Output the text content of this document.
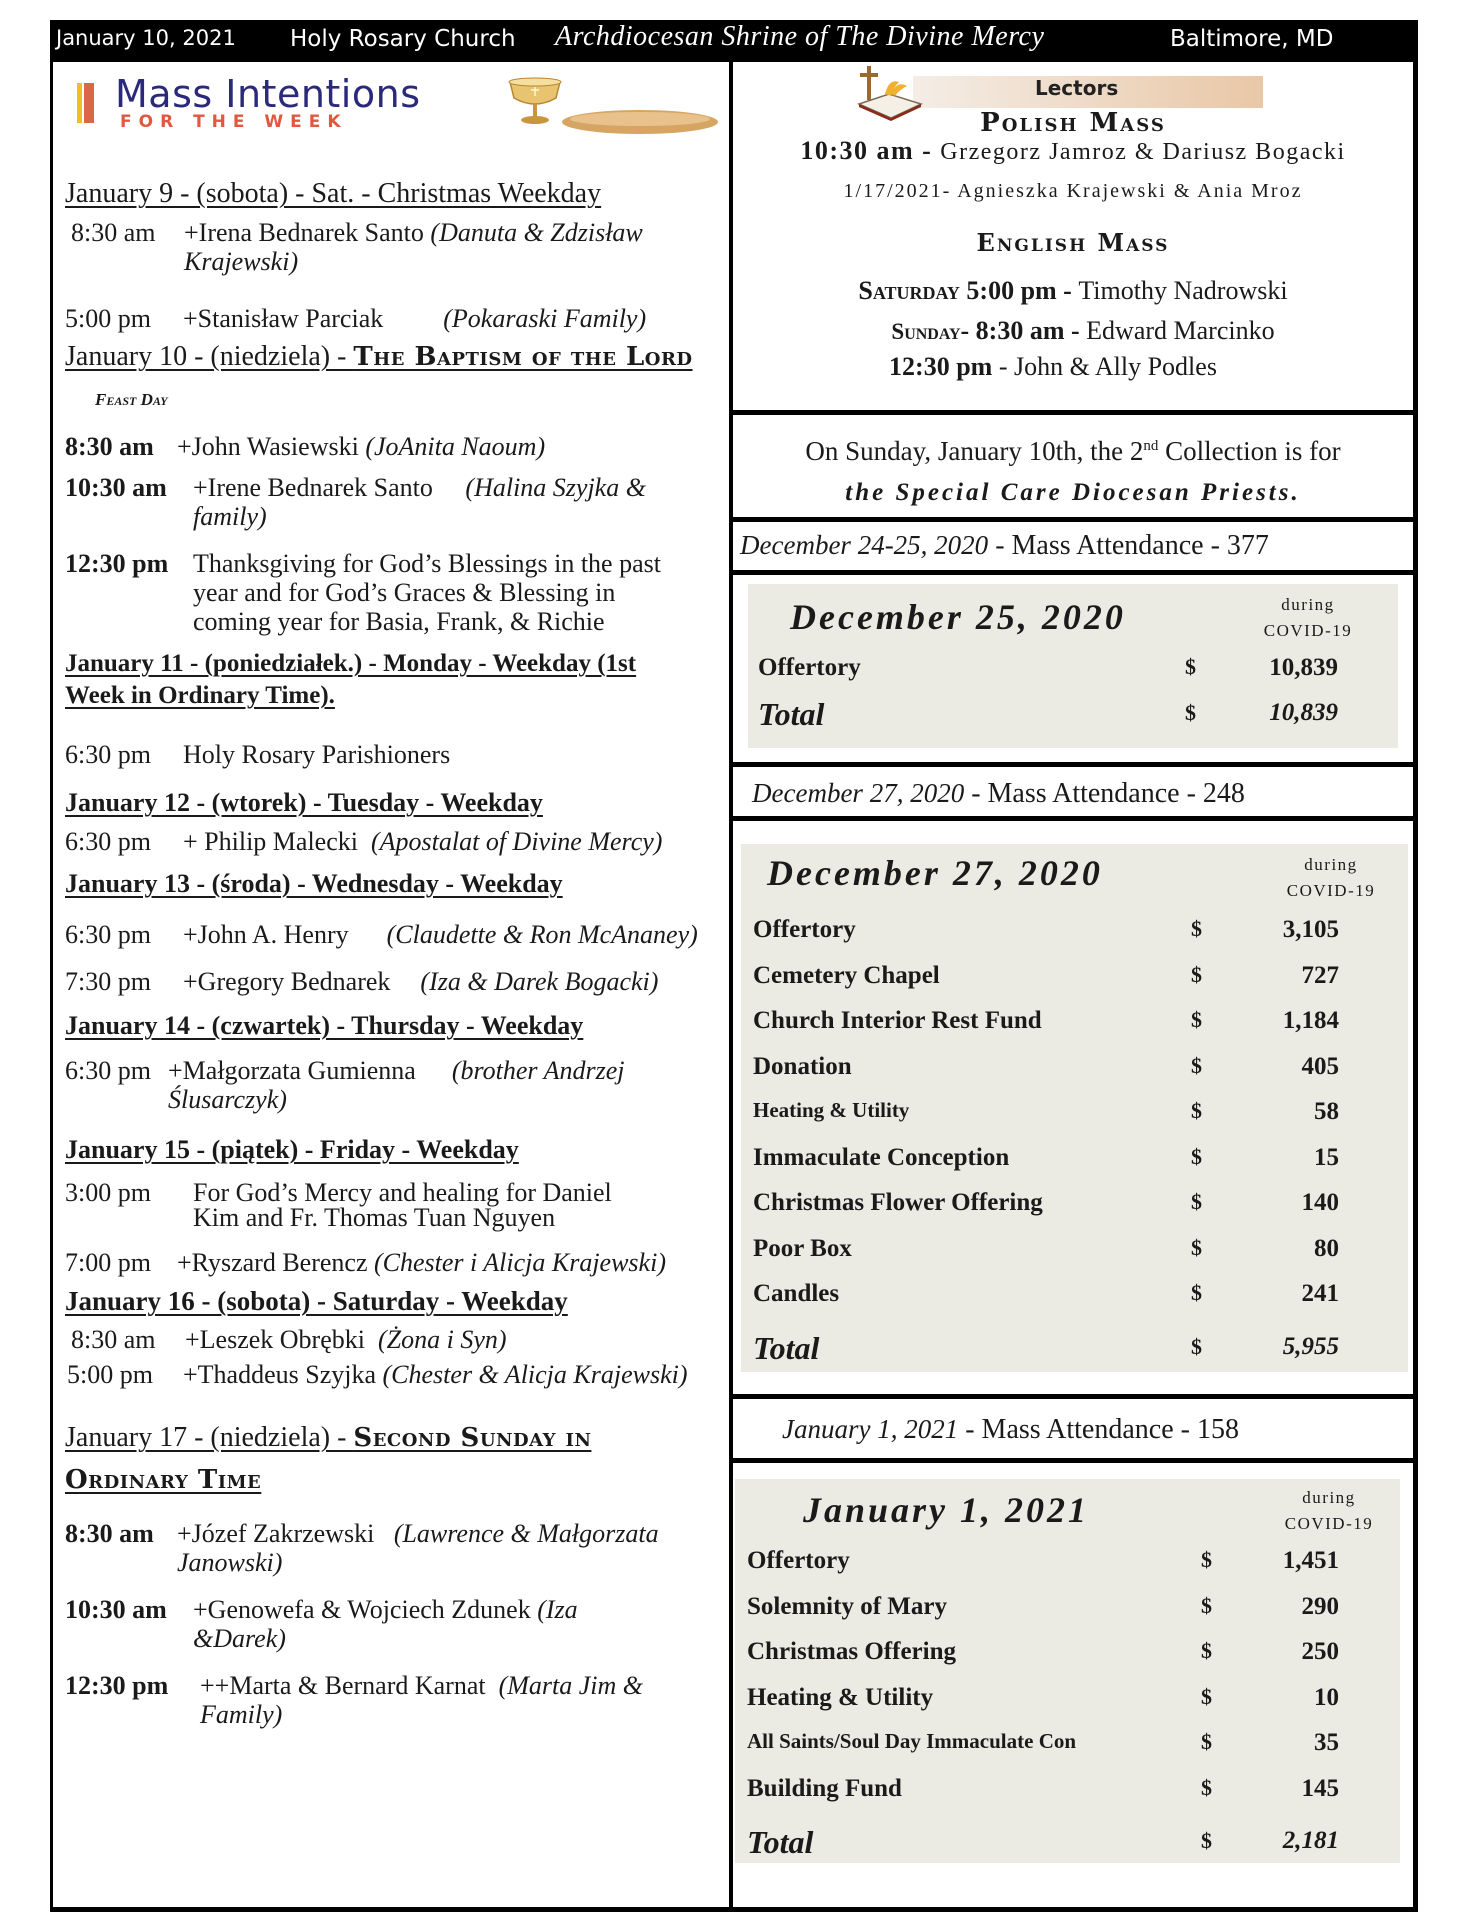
January 10, 2021 Holy Rosary Church Archdiocesan Shrine of The Divine Mercy	Baltimore, MD
Mass Intentions
FOR THE WEEK
January 9 - (sobota) - Sat. - Christmas Weekday
8:30 am	+Irena Bednarek Santo (Danuta & Zdzisław Krajewski)
5:00 pm	+Stanisław Parciak (Pokaraski Family)
January 10 - (niedziela) - The Baptism of the LordFeast Day
8:30 am +John Wasiewski (JoAnita Naoum)
10:30 am	+Irene Bednarek Santo (Halina Szyjka & family)
12:30 pm Thanksgiving for God’s Blessings in the past year and for God’s Graces & Blessing in coming year for Basia, Frank, & Richie
January 11 - (poniedziałek.) - Monday - Weekday (1st Week in Ordinary Time).
6:30 pm	Holy Rosary Parishioners
January 12 - (wtorek) - Tuesday - Weekday
6:30 pm	+ Philip Malecki (Apostalat of Divine Mercy)
January 13 - (środa) - Wednesday - Weekday
6:30 pm	+John A. Henry (Claudette & Ron McAnaney)
7:30 pm	+Gregory Bednarek (Iza & Darek Bogacki)
January 14 - (czwartek) - Thursday - Weekday
6:30 pm +Małgorzata Gumienna (brother Andrzej Ślusarczyk)
January 15 - (piątek) - Friday - Weekday
3:00 pm	For God’s Mercy and healing for Daniel Kim and Fr. Thomas Tuan Nguyen
7:00 pm	+Ryszard Berencz (Chester i Alicja Krajewski)
January 16 - (sobota) - Saturday - Weekday
8:30 am	+Leszek Obrębki (Żona i Syn)
5:00 pm	+Thaddeus Szyjka (Chester & Alicja Krajewski)
January 17 - (niedziela) - Second Sunday in Ordinary Time
8:30 am +Józef Zakrzewski (Lawrence & Małgorzata Janowski)
10:30 am	+Genowefa & Wojciech Zdunek (Iza &Darek)
12:30 pm	++Marta & Bernard Karnat (Marta Jim & Family)
Lectors
Polish Mass
10:30 am - Grzegorz Jamroz & Dariusz Bogacki
1/17/2021- Agnieszka Krajewski & Ania Mroz
English Mass
Saturday 5:00 pm - Timothy Nadrowski
Sunday- 8:30 am - Edward Marcinko
12:30 pm - John & Ally Podles
On Sunday, January 10th, the 2nd Collection is for
the Special Care Diocesan Priests.
December 24-25, 2020 - Mass Attendance - 377
December 25, 2020	during
COVID-19
Offertory	$	10,839
Total	$	10,839
December 27, 2020 - Mass Attendance - 248
December 27, 2020	during
COVID-19
Offertory	$	3,105
Cemetery Chapel	$	727
Church Interior Rest Fund	$	1,184
Donation	$	405
Heating & Utility	$	58
Immaculate Conception	$	15
Christmas Flower Offering	$	140
Poor Box	$	80
Candles	$	241
Total	$	5,955
January 1, 2021 - Mass Attendance - 158
January 1, 2021	during
COVID-19
Offertory	$	1,451
Solemnity of Mary	$	290
Christmas Offering	$	250
Heating & Utility	$	10
All Saints/Soul Day Immaculate Con	$	35
Building Fund	$	145
Total	$	2,181
